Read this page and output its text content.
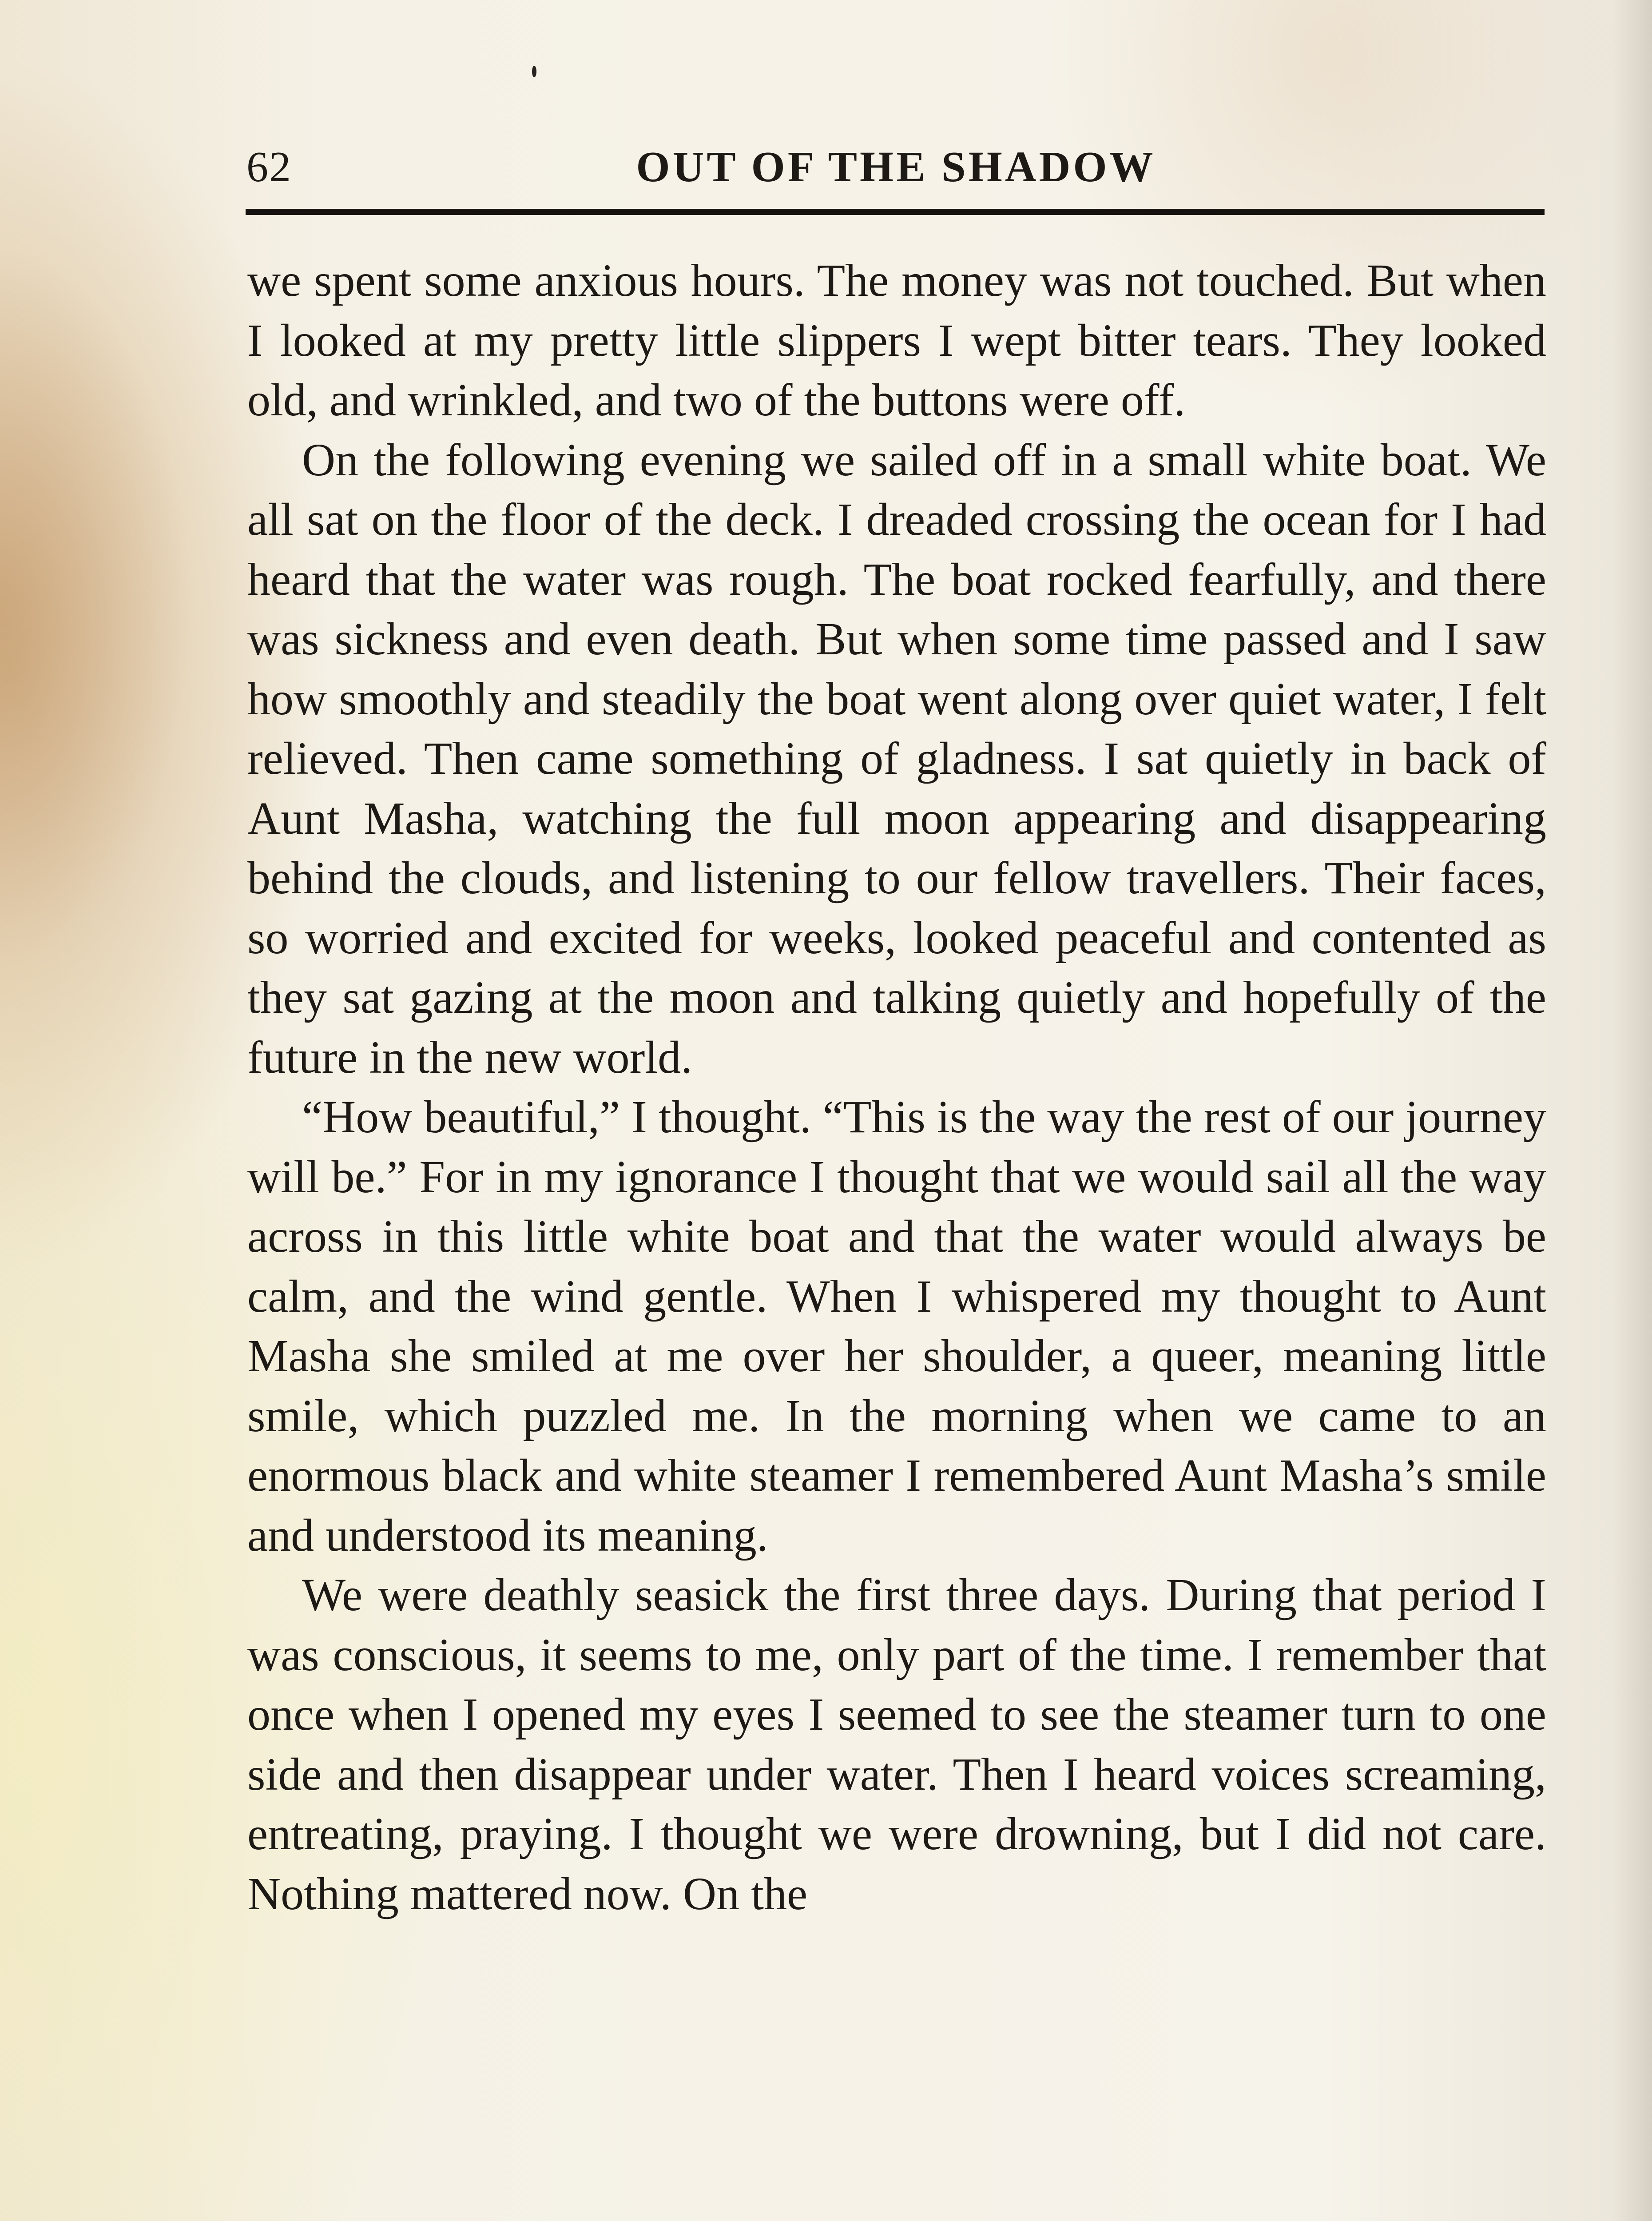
62	OUT OF THE SHADOW

we spent some anxious hours. The money was not touched. But when I looked at my pretty little slippers I wept bitter tears. They looked old, and wrinkled, and two of the buttons were off.

On the following evening we sailed off in a small white boat. We all sat on the floor of the deck. I dreaded crossing the ocean for I had heard that the water was rough. The boat rocked fearfully, and there was sickness and even death. But when some time passed and I saw how smoothly and steadily the boat went along over quiet water, I felt relieved. Then came something of gladness. I sat quietly in back of Aunt Masha, watching the full moon appearing and disappearing behind the clouds, and listening to our fellow travellers. Their faces, so worried and excited for weeks, looked peaceful and contented as they sat gazing at the moon and talking quietly and hopefully of the future in the new world.

“How beautiful,” I thought. “This is the way the rest of our journey will be.” For in my ignorance I thought that we would sail all the way across in this little white boat and that the water would always be calm, and the wind gentle. When I whispered my thought to Aunt Masha she smiled at me over her shoulder, a queer, meaning little smile, which puzzled me. In the morning when we came to an enormous black and white steamer I remembered Aunt Masha’s smile and understood its meaning.

We were deathly seasick the first three days. During that period I was conscious, it seems to me, only part of the time. I remember that once when I opened my eyes I seemed to see the steamer turn to one side and then disappear under water. Then I heard voices screaming, entreating, praying. I thought we were drowning, but I did not care. Nothing mattered now. On the
